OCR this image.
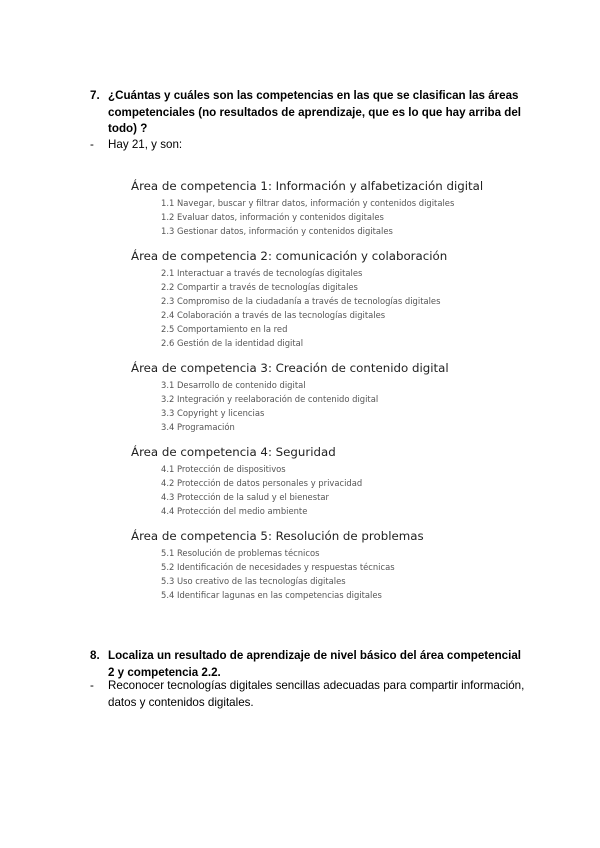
7. ¿Cuántas y cuáles son las competencias en las que se clasifican las áreas competenciales (no resultados de aprendizaje, que es lo que hay arriba del todo) ?
- Hay 21, y son:
Área de competencia 1: Información y alfabetización digital
1.1 Navegar, buscar y filtrar datos, información y contenidos digitales
1.2 Evaluar datos, información y contenidos digitales
1.3 Gestionar datos, información y contenidos digitales
Área de competencia 2: comunicación y colaboración
2.1 Interactuar a través de tecnologías digitales
2.2 Compartir a través de tecnologías digitales
2.3 Compromiso de la ciudadanía a través de tecnologías digitales
2.4 Colaboración a través de las tecnologías digitales
2.5 Comportamiento en la red
2.6 Gestión de la identidad digital
Área de competencia 3: Creación de contenido digital
3.1 Desarrollo de contenido digital
3.2 Integración y reelaboración de contenido digital
3.3 Copyright y licencias
3.4 Programación
Área de competencia 4: Seguridad
4.1 Protección de dispositivos
4.2 Protección de datos personales y privacidad
4.3 Protección de la salud y el bienestar
4.4 Protección del medio ambiente
Área de competencia 5: Resolución de problemas
5.1 Resolución de problemas técnicos
5.2 Identificación de necesidades y respuestas técnicas
5.3 Uso creativo de las tecnologías digitales
5.4 Identificar lagunas en las competencias digitales
8. Localiza un resultado de aprendizaje de nivel básico del área competencial 2 y competencia 2.2.
- Reconocer tecnologías digitales sencillas adecuadas para compartir información, datos y contenidos digitales.
